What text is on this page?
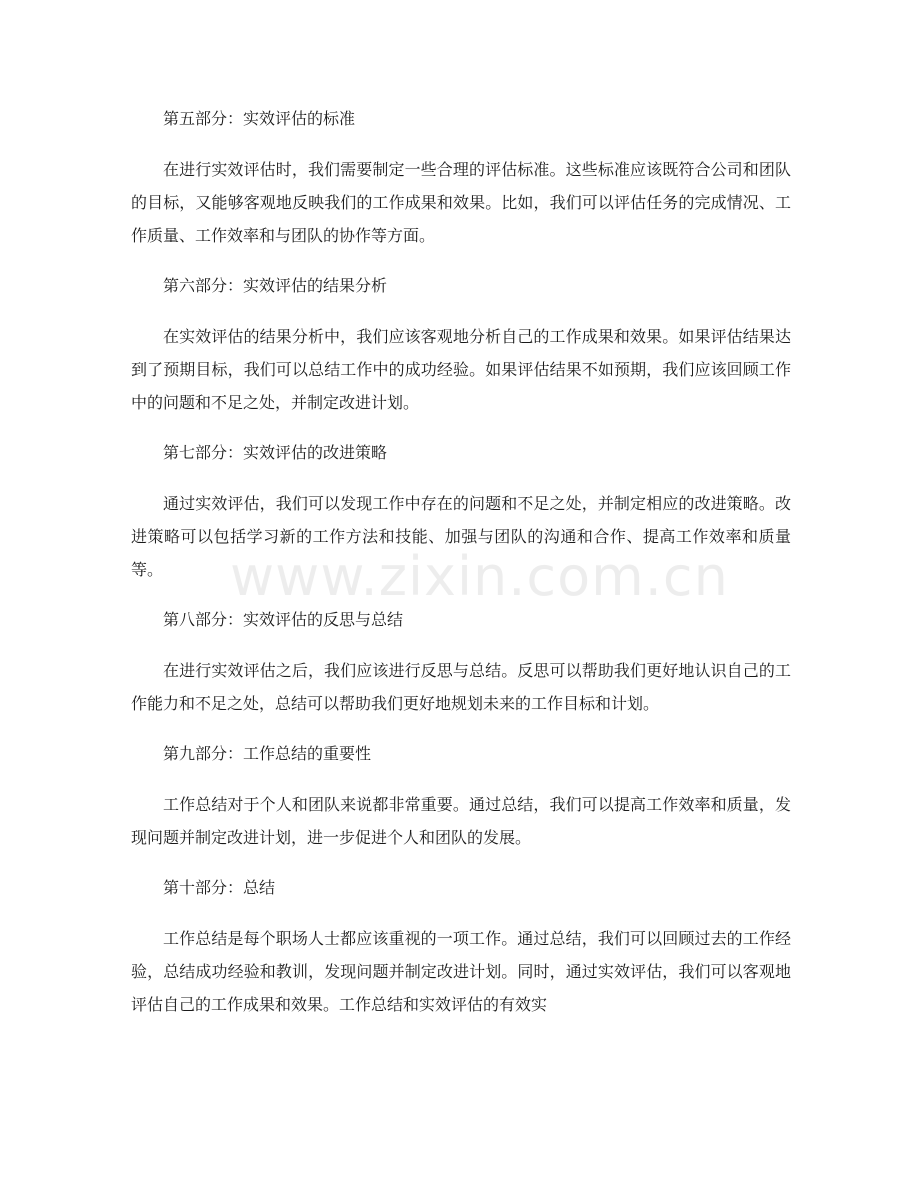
第五部分：实效评估的标准

在进行实效评估时，我们需要制定一些合理的评估标准。这些标准应该既符合公司和团队的目标，又能够客观地反映我们的工作成果和效果。比如，我们可以评估任务的完成情况、工作质量、工作效率和与团队的协作等方面。

第六部分：实效评估的结果分析

在实效评估的结果分析中，我们应该客观地分析自己的工作成果和效果。如果评估结果达到了预期目标，我们可以总结工作中的成功经验。如果评估结果不如预期，我们应该回顾工作中的问题和不足之处，并制定改进计划。

第七部分：实效评估的改进策略

通过实效评估，我们可以发现工作中存在的问题和不足之处，并制定相应的改进策略。改进策略可以包括学习新的工作方法和技能、加强与团队的沟通和合作、提高工作效率和质量等。

第八部分：实效评估的反思与总结

在进行实效评估之后，我们应该进行反思与总结。反思可以帮助我们更好地认识自己的工作能力和不足之处，总结可以帮助我们更好地规划未来的工作目标和计划。

第九部分：工作总结的重要性

工作总结对于个人和团队来说都非常重要。通过总结，我们可以提高工作效率和质量，发现问题并制定改进计划，进一步促进个人和团队的发展。

第十部分：总结

工作总结是每个职场人士都应该重视的一项工作。通过总结，我们可以回顾过去的工作经验，总结成功经验和教训，发现问题并制定改进计划。同时，通过实效评估，我们可以客观地评估自己的工作成果和效果。工作总结和实效评估的有效实

www.zixin.com.cn
